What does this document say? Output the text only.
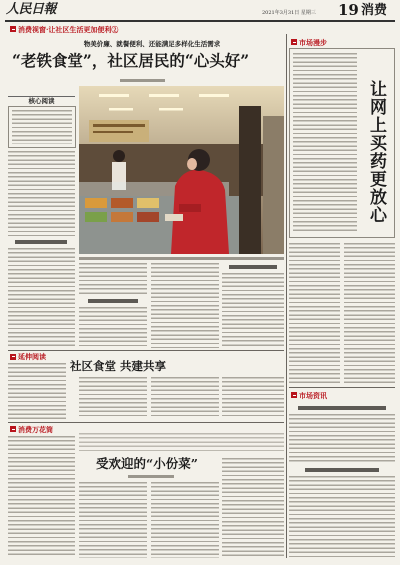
人民日報	2021年3月31日 星期三 19 消费
消费视窗·让社区生活更加便利②
物美价廉、就餐便利、还能满足多样化生活需求
“老铁食堂”，社区居民的“心头好”
核心阅读
市场漫步
让网上买药更放心
延伸阅读
社区食堂 共建共享
消费万花筒
受欢迎的“小份菜”
市场资讯
